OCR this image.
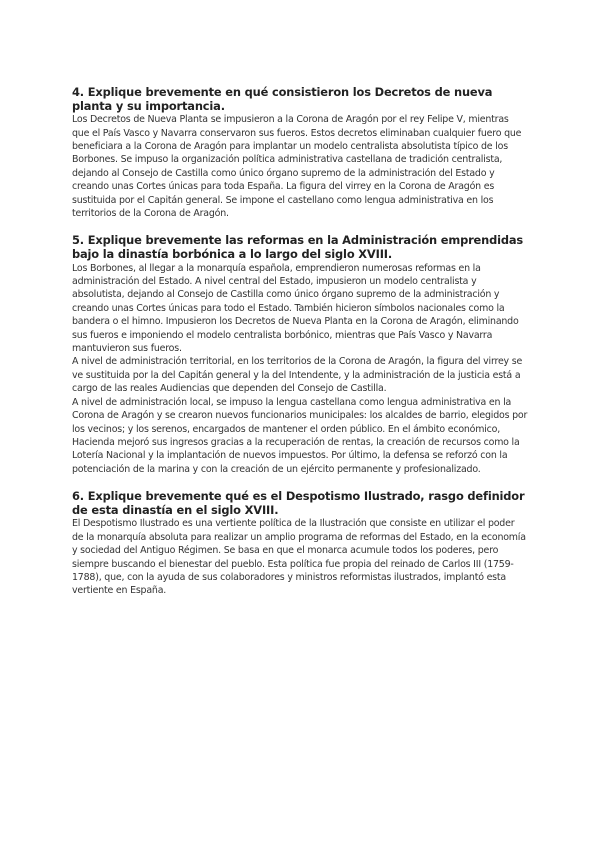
4. Explique brevemente en qué consistieron los Decretos de nueva planta y su importancia.

Los Decretos de Nueva Planta se impusieron a la Corona de Aragón por el rey Felipe V, mientras que el País Vasco y Navarra conservaron sus fueros. Estos decretos eliminaban cualquier fuero que beneficiara a la Corona de Aragón para implantar un modelo centralista absolutista típico de los Borbones. Se impuso la organización política administrativa castellana de tradición centralista, dejando al Consejo de Castilla como único órgano supremo de la administración del Estado y creando unas Cortes únicas para toda España. La figura del virrey en la Corona de Aragón es sustituida por el Capitán general. Se impone el castellano como lengua administrativa en los territorios de la Corona de Aragón.

5. Explique brevemente las reformas en la Administración emprendidas bajo la dinastía borbónica a lo largo del siglo XVIII.

Los Borbones, al llegar a la monarquía española, emprendieron numerosas reformas en la administración del Estado. A nivel central del Estado, impusieron un modelo centralista y absolutista, dejando al Consejo de Castilla como único órgano supremo de la administración y creando unas Cortes únicas para todo el Estado. También hicieron símbolos nacionales como la bandera o el himno. Impusieron los Decretos de Nueva Planta en la Corona de Aragón, eliminando sus fueros e imponiendo el modelo centralista borbónico, mientras que País Vasco y Navarra mantuvieron sus fueros.

A nivel de administración territorial, en los territorios de la Corona de Aragón, la figura del virrey se ve sustituida por la del Capitán general y la del Intendente, y la administración de la justicia está a cargo de las reales Audiencias que dependen del Consejo de Castilla.

A nivel de administración local, se impuso la lengua castellana como lengua administrativa en la Corona de Aragón y se crearon nuevos funcionarios municipales: los alcaldes de barrio, elegidos por los vecinos; y los serenos, encargados de mantener el orden público. En el ámbito económico, Hacienda mejoró sus ingresos gracias a la recuperación de rentas, la creación de recursos como la Lotería Nacional y la implantación de nuevos impuestos. Por último, la defensa se reforzó con la potenciación de la marina y con la creación de un ejército permanente y profesionalizado.

6. Explique brevemente qué es el Despotismo Ilustrado, rasgo definidor de esta dinastía en el siglo XVIII.

El Despotismo Ilustrado es una vertiente política de la Ilustración que consiste en utilizar el poder de la monarquía absoluta para realizar un amplio programa de reformas del Estado, en la economía y sociedad del Antiguo Régimen. Se basa en que el monarca acumule todos los poderes, pero siempre buscando el bienestar del pueblo. Esta política fue propia del reinado de Carlos III (1759-1788), que, con la ayuda de sus colaboradores y ministros reformistas ilustrados, implantó esta vertiente en España.
